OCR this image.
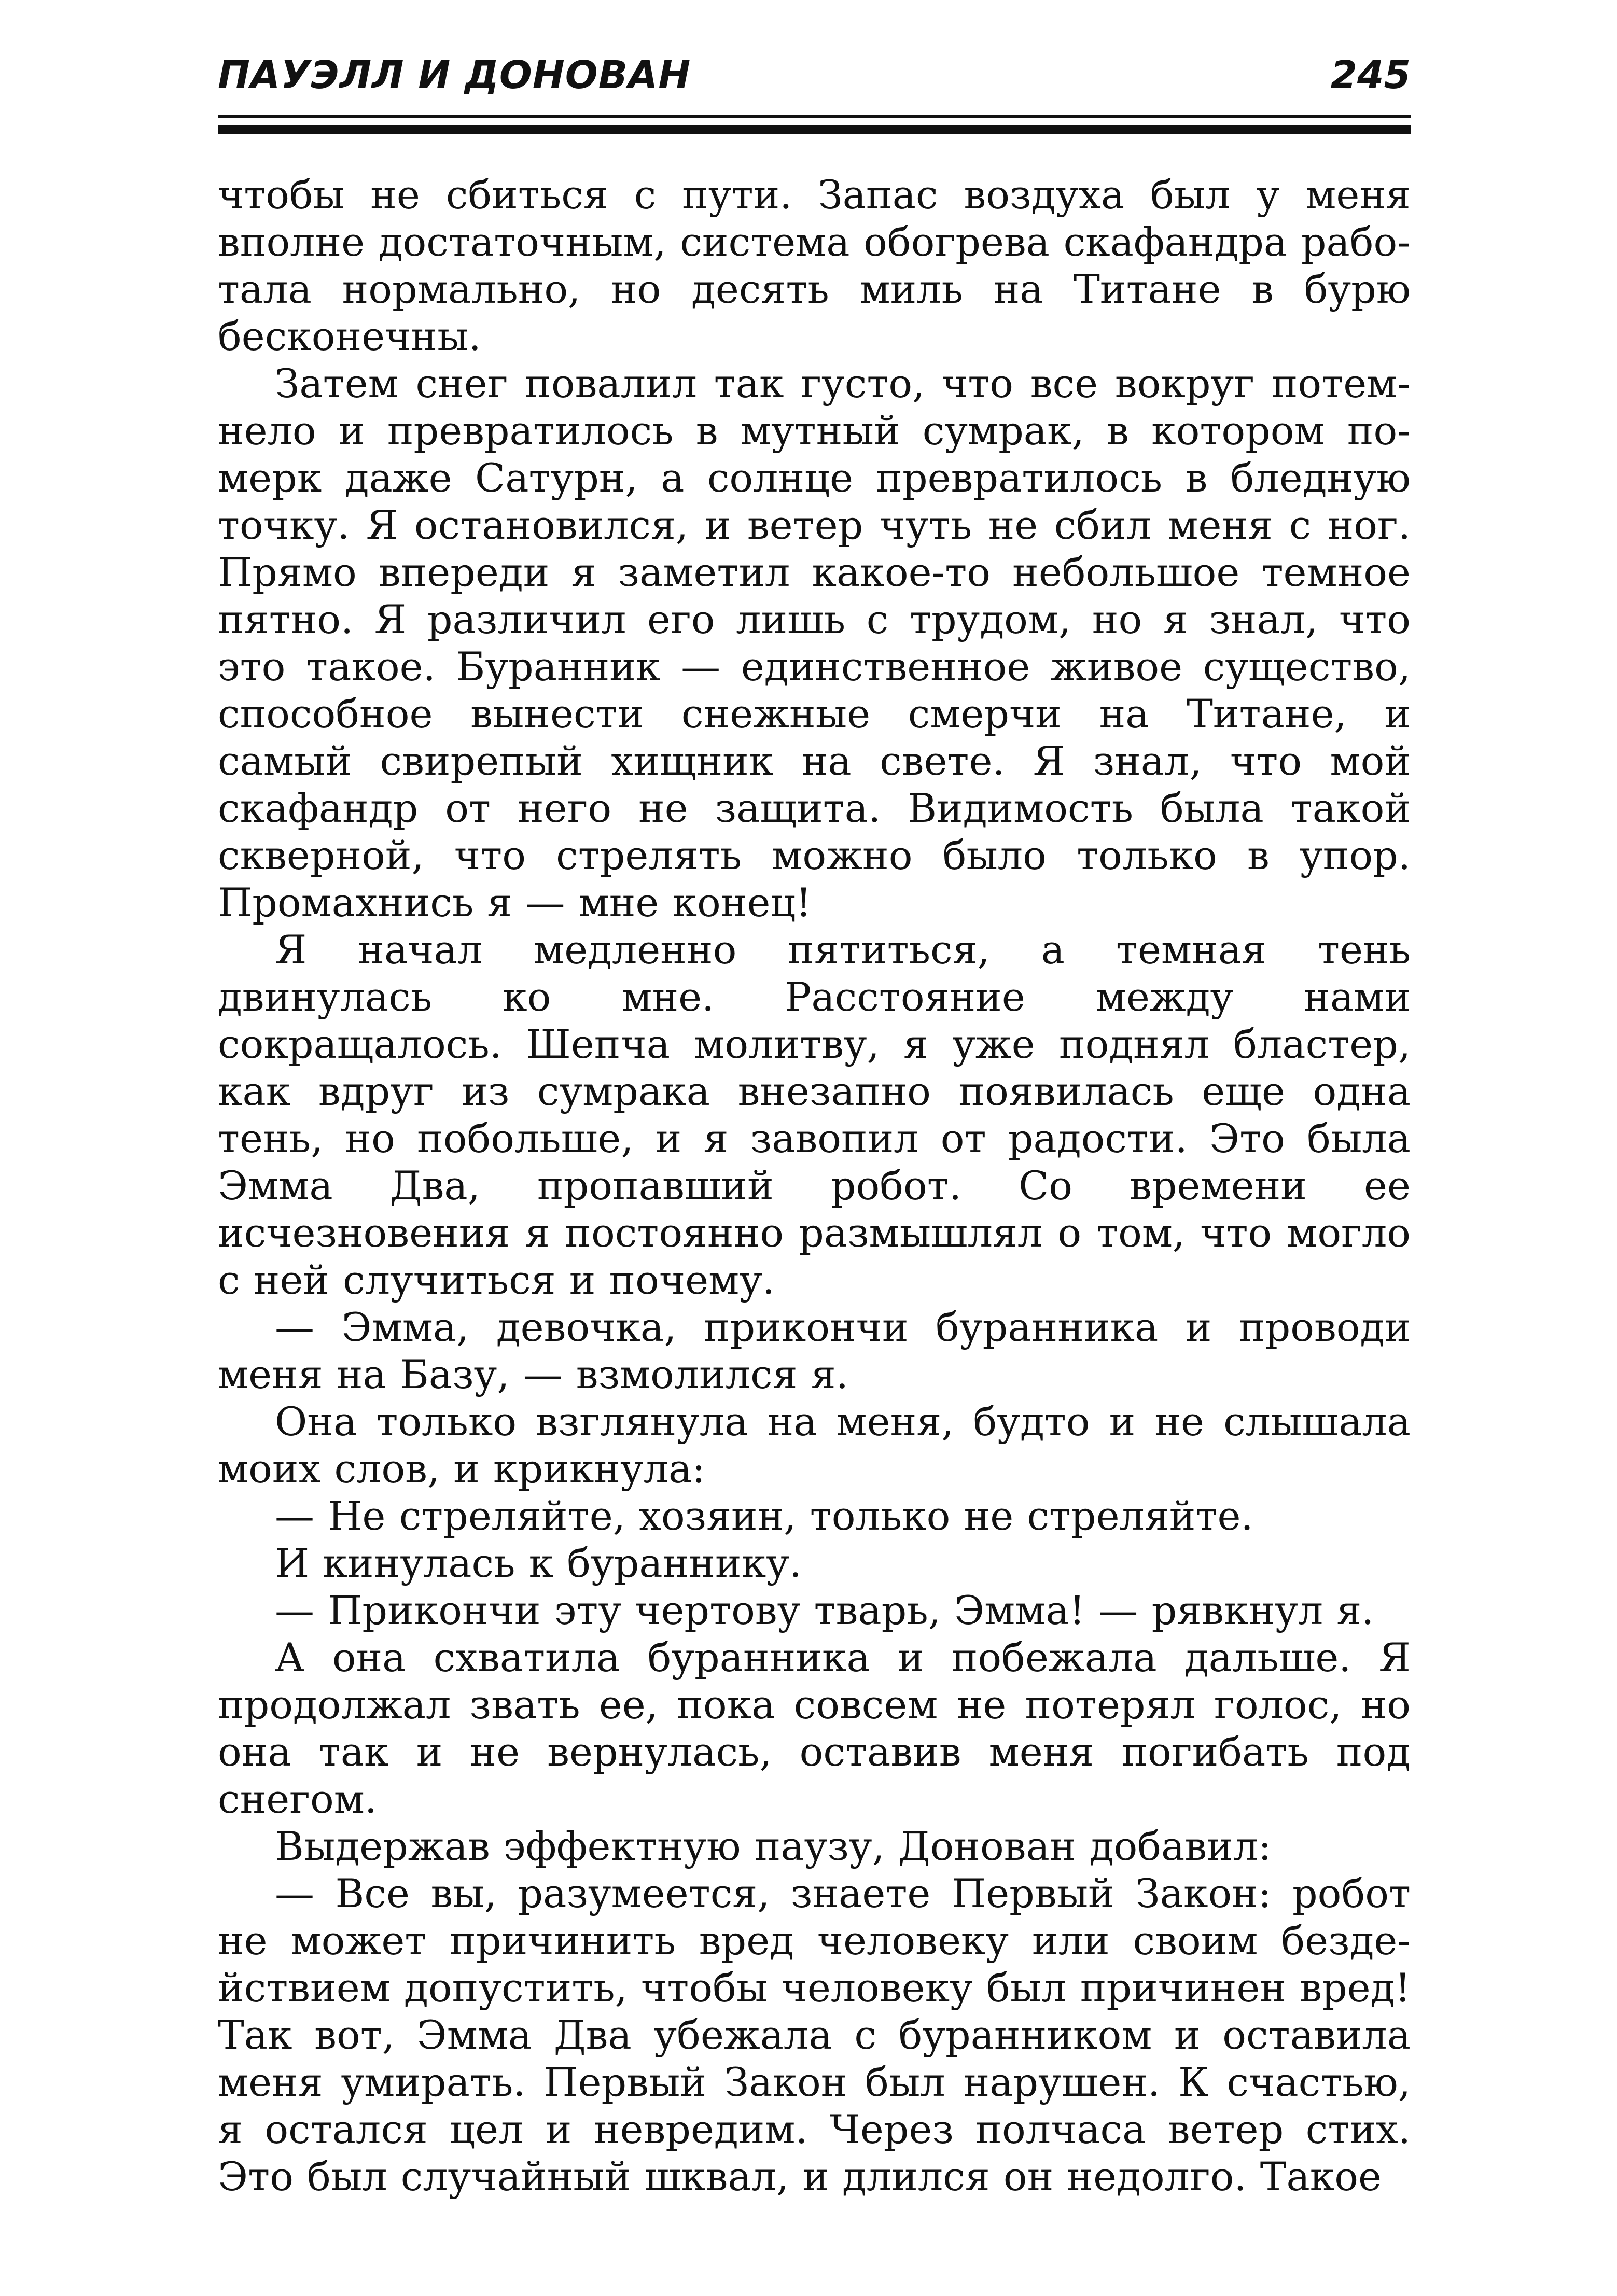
ПАУЭЛЛ И ДОНОВАН	245

чтобы не сбиться с пути. Запас воздуха был у меня вполне достаточным, система обогрева скафандра работала нормально, но десять миль на Титане в бурю бесконечны.

Затем снег повалил так густо, что все вокруг потемнело и превратилось в мутный сумрак, в котором померк даже Сатурн, а солнце превратилось в бледную точку. Я остановился, и ветер чуть не сбил меня с ног. Прямо впереди я заметил какое-то небольшое темное пятно. Я различил его лишь с трудом, но я знал, что это такое. Буранник — единственное живое существо, способное вынести снежные смерчи на Титане, и самый свирепый хищник на свете. Я знал, что мой скафандр от него не защита. Видимость была такой скверной, что стрелять можно было только в упор. Промахнись я — мне конец!

Я начал медленно пятиться, а темная тень двинулась ко мне. Расстояние между нами сокращалось. Шепча молитву, я уже поднял бластер, как вдруг из сумрака внезапно появилась еще одна тень, но побольше, и я завопил от радости. Это была Эмма Два, пропавший робот. Со времени ее исчезновения я постоянно размышлял о том, что могло с ней случиться и почему.

— Эмма, девочка, прикончи буранника и проводи меня на Базу, — взмолился я.

Она только взглянула на меня, будто и не слышала моих слов, и крикнула:

— Не стреляйте, хозяин, только не стреляйте.

И кинулась к бураннику.

— Прикончи эту чертову тварь, Эмма! — рявкнул я.

А она схватила буранника и побежала дальше. Я продолжал звать ее, пока совсем не потерял голос, но она так и не вернулась, оставив меня погибать под снегом.

Выдержав эффектную паузу, Донован добавил:

— Все вы, разумеется, знаете Первый Закон: робот не может причинить вред человеку или своим бездействием допустить, чтобы человеку был причинен вред! Так вот, Эмма Два убежала с буранником и оставила меня умирать. Первый Закон был нарушен. К счастью, я остался цел и невредим. Через полчаса ветер стих. Это был случайный шквал, и длился он недолго. Такое
